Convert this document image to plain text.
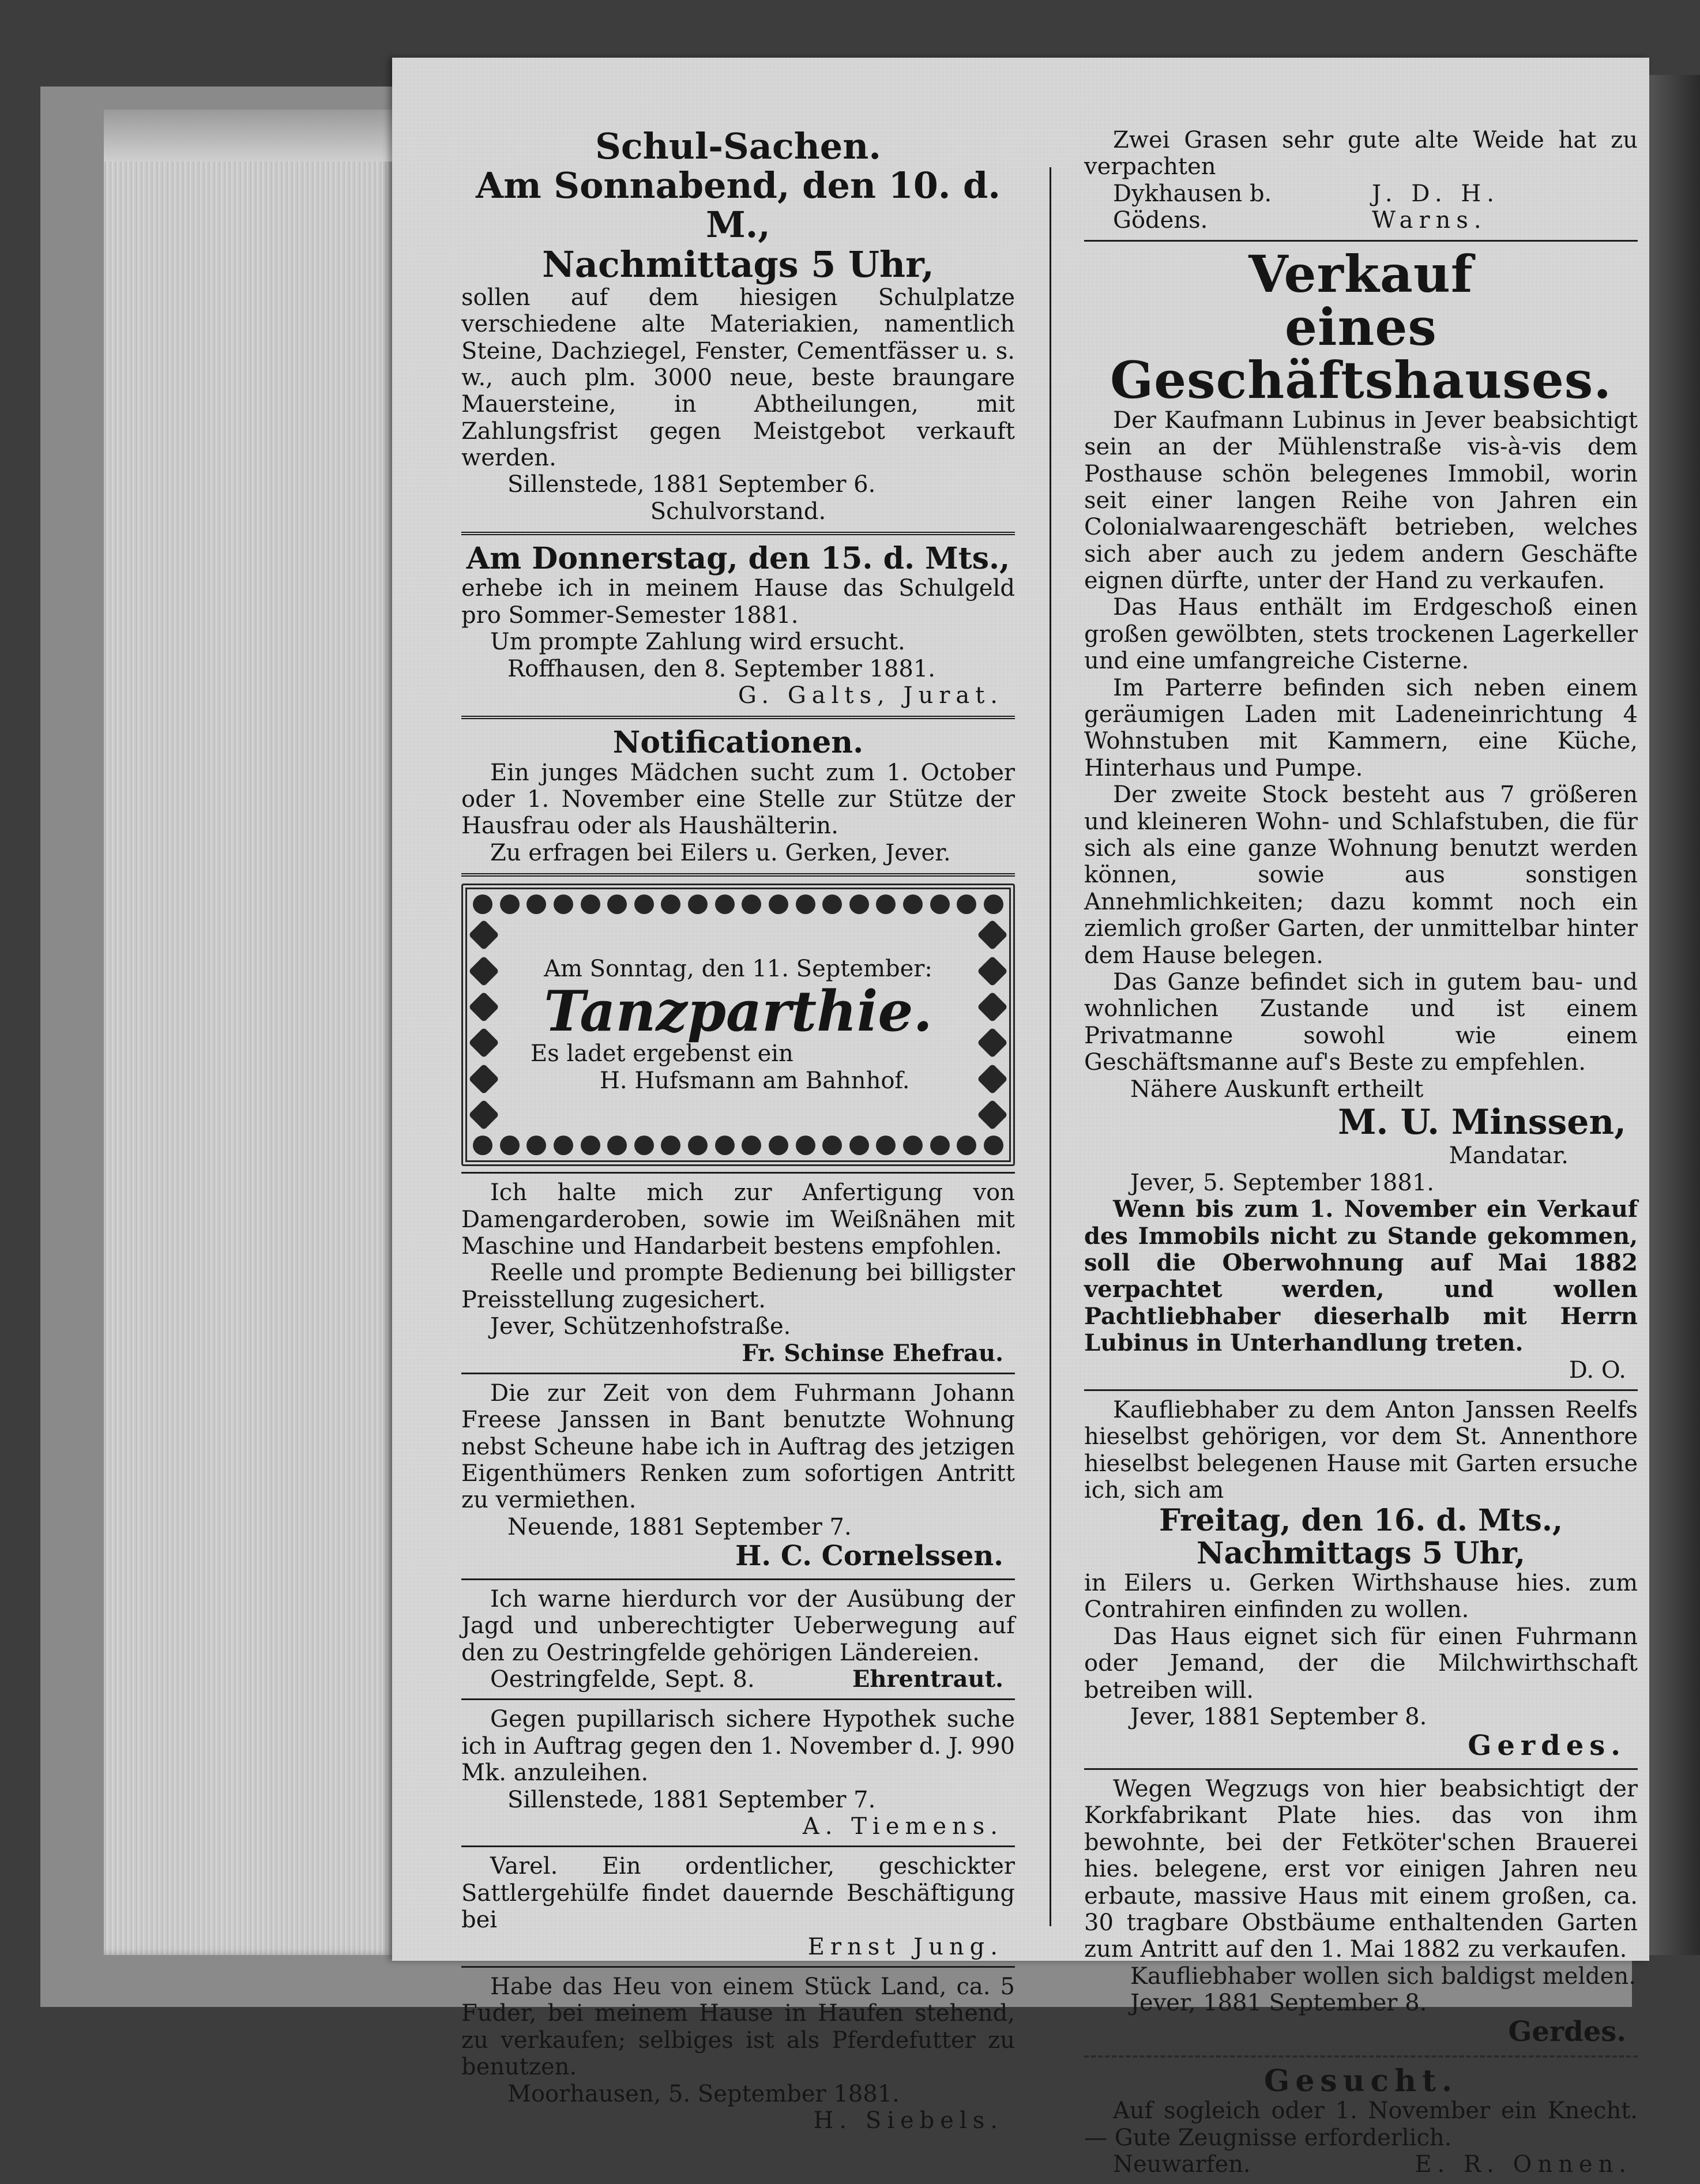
Schul-Sachen.
Am Sonnabend, den 10. d. M.,
Nachmittags 5 Uhr,

sollen auf dem hiesigen Schulplatze verschiedene alte Materiakien, namentlich Steine, Dachziegel, Fenster, Cementfässer u. s. w., auch plm. 3000 neue, beste braungare Mauersteine, in Abtheilungen, mit Zahlungsfrist gegen Meistgebot verkauft werden.

Sillenstede, 1881 September 6.
Schulvorstand.
Am Donnerstag, den 15. d. Mts.,

erhebe ich in meinem Hause das Schulgeld pro Sommer-Semester 1881.

Um prompte Zahlung wird ersucht.
Roffhausen, den 8. September 1881.
G. Galts, Jurat.
Notificationen.

Ein junges Mädchen sucht zum 1. October oder 1. November eine Stelle zur Stütze der Hausfrau oder als Haushälterin.

Zu erfragen bei Eilers u. Gerken, Jever.
Am Sonntag, den 11. September:
Tanzparthie.
Es ladet ergebenst ein
H. Hufsmann am Bahnhof.

Ich halte mich zur Anfertigung von Damengarderoben, sowie im Weißnähen mit Maschine und Handarbeit bestens empfohlen.

Reelle und prompte Bedienung bei billigster Preisstellung zugesichert.

Jever, Schützenhofstraße.
Fr. Schinse Ehefrau.

Die zur Zeit von dem Fuhrmann Johann Freese Janssen in Bant benutzte Wohnung nebst Scheune habe ich in Auftrag des jetzigen Eigenthümers Renken zum sofortigen Antritt zu vermiethen.

Neuende, 1881 September 7.
H. C. Cornelssen.

Ich warne hierdurch vor der Ausübung der Jagd und unberechtigter Ueberwegung auf den zu Oestringfelde gehörigen Ländereien.

Oestringfelde, Sept. 8.	Ehrentraut.

Gegen pupillarisch sichere Hypothek suche ich in Auftrag gegen den 1. November d. J. 990 Mk. anzuleihen.

Sillenstede, 1881 September 7.
A. Tiemens.

Varel. Ein ordentlicher, geschickter Sattlergehülfe findet dauernde Beschäftigung bei

Ernst Jung.

Habe das Heu von einem Stück Land, ca. 5 Fuder, bei meinem Hause in Haufen stehend, zu verkaufen; selbiges ist als Pferdefutter zu benutzen.

Moorhausen, 5. September 1881.
H. Siebels.

Zwei Grasen sehr gute alte Weide hat zu verpachten

Dykhausen b. Gödens.
J. D. H. Warns.
Verkauf
eines Geschäftshauses.

Der Kaufmann Lubinus in Jever beabsichtigt sein an der Mühlenstraße vis-à-vis dem Posthause schön belegenes Immobil, worin seit einer langen Reihe von Jahren ein Colonialwaarengeschäft betrieben, welches sich aber auch zu jedem andern Geschäfte eignen dürfte, unter der Hand zu verkaufen.

Das Haus enthält im Erdgeschoß einen großen gewölbten, stets trockenen Lagerkeller und eine umfangreiche Cisterne.

Im Parterre befinden sich neben einem geräumigen Laden mit Ladeneinrichtung 4 Wohnstuben mit Kammern, eine Küche, Hinterhaus und Pumpe.

Der zweite Stock besteht aus 7 größeren und kleineren Wohn- und Schlafstuben, die für sich als eine ganze Wohnung benutzt werden können, sowie aus sonstigen Annehmlichkeiten; dazu kommt noch ein ziemlich großer Garten, der unmittelbar hinter dem Hause belegen.

Das Ganze befindet sich in gutem bau- und wohnlichen Zustande und ist einem Privatmanne sowohl wie einem Geschäftsmanne auf's Beste zu empfehlen.

Nähere Auskunft ertheilt
M. U. Minssen,
Mandatar.
Jever, 5. September 1881.

Wenn bis zum 1. November ein Verkauf des Immobils nicht zu Stande gekommen, soll die Oberwohnung auf Mai 1882 verpachtet werden, und wollen Pachtliebhaber dieserhalb mit Herrn Lubinus in Unterhandlung treten.

D. O.

Kaufliebhaber zu dem Anton Janssen Reelfs hieselbst gehörigen, vor dem St. Annenthore hieselbst belegenen Hause mit Garten ersuche ich, sich am

Freitag, den 16. d. Mts.,
Nachmittags 5 Uhr,

in Eilers u. Gerken Wirthshause hies. zum Contrahiren einfinden zu wollen.

Das Haus eignet sich für einen Fuhrmann oder Jemand, der die Milchwirthschaft betreiben will.

Jever, 1881 September 8.
Gerdes.

Wegen Wegzugs von hier beabsichtigt der Korkfabrikant Plate hies. das von ihm bewohnte, bei der Fetköter'schen Brauerei hies. belegene, erst vor einigen Jahren neu erbaute, massive Haus mit einem großen, ca. 30 tragbare Obstbäume enthaltenden Garten zum Antritt auf den 1. Mai 1882 zu verkaufen.

Kaufliebhaber wollen sich baldigst melden.
Jever, 1881 September 8.
Gerdes.
Gesucht.

Auf sogleich oder 1. November ein Knecht. — Gute Zeugnisse erforderlich.

Neuwarfen.	E. R. Onnen.
